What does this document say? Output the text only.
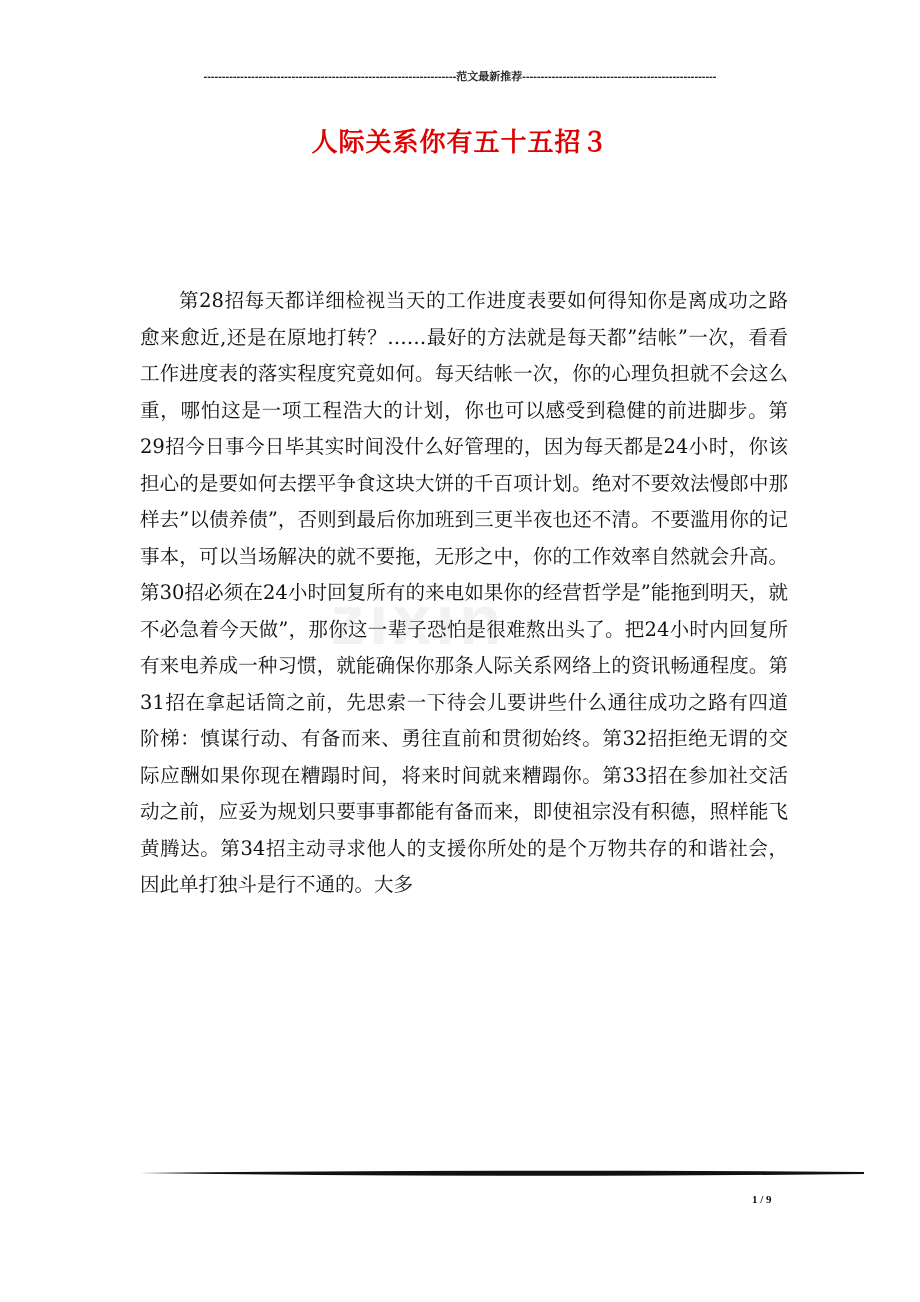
---------------------------------------------------------------------范文最新推荐-----------------------------------------------------
人际关系你有五十五招３
zixin

第28招每天都详细检视当天的工作进度表要如何得知你是离成功之路愈来愈近,还是在原地打转？……最好的方法就是每天都”结帐”一次，看看工作进度表的落实程度究竟如何。每天结帐一次，你的心理负担就不会这么重，哪怕这是一项工程浩大的计划，你也可以感受到稳健的前进脚步。第29招今日事今日毕其实时间没什么好管理的，因为每天都是24小时，你该担心的是要如何去摆平争食这块大饼的千百项计划。绝对不要效法慢郎中那样去”以债养债”，否则到最后你加班到三更半夜也还不清。不要滥用你的记事本，可以当场解决的就不要拖，无形之中，你的工作效率自然就会升高。第30招必须在24小时回复所有的来电如果你的经营哲学是”能拖到明天，就不必急着今天做”，那你这一辈子恐怕是很难熬出头了。把24小时内回复所有来电养成一种习惯，就能确保你那条人际关系网络上的资讯畅通程度。第31招在拿起话筒之前，先思索一下待会儿要讲些什么通往成功之路有四道阶梯：慎谋行动、有备而来、勇往直前和贯彻始终。第32招拒绝无谓的交际应酬如果你现在糟蹋时间，将来时间就来糟蹋你。第33招在参加社交活动之前，应妥为规划只要事事都能有备而来，即使祖宗没有积德，照样能飞黄腾达。第34招主动寻求他人的支援你所处的是个万物共存的和谐社会，因此单打独斗是行不通的。大多

1 / 9
